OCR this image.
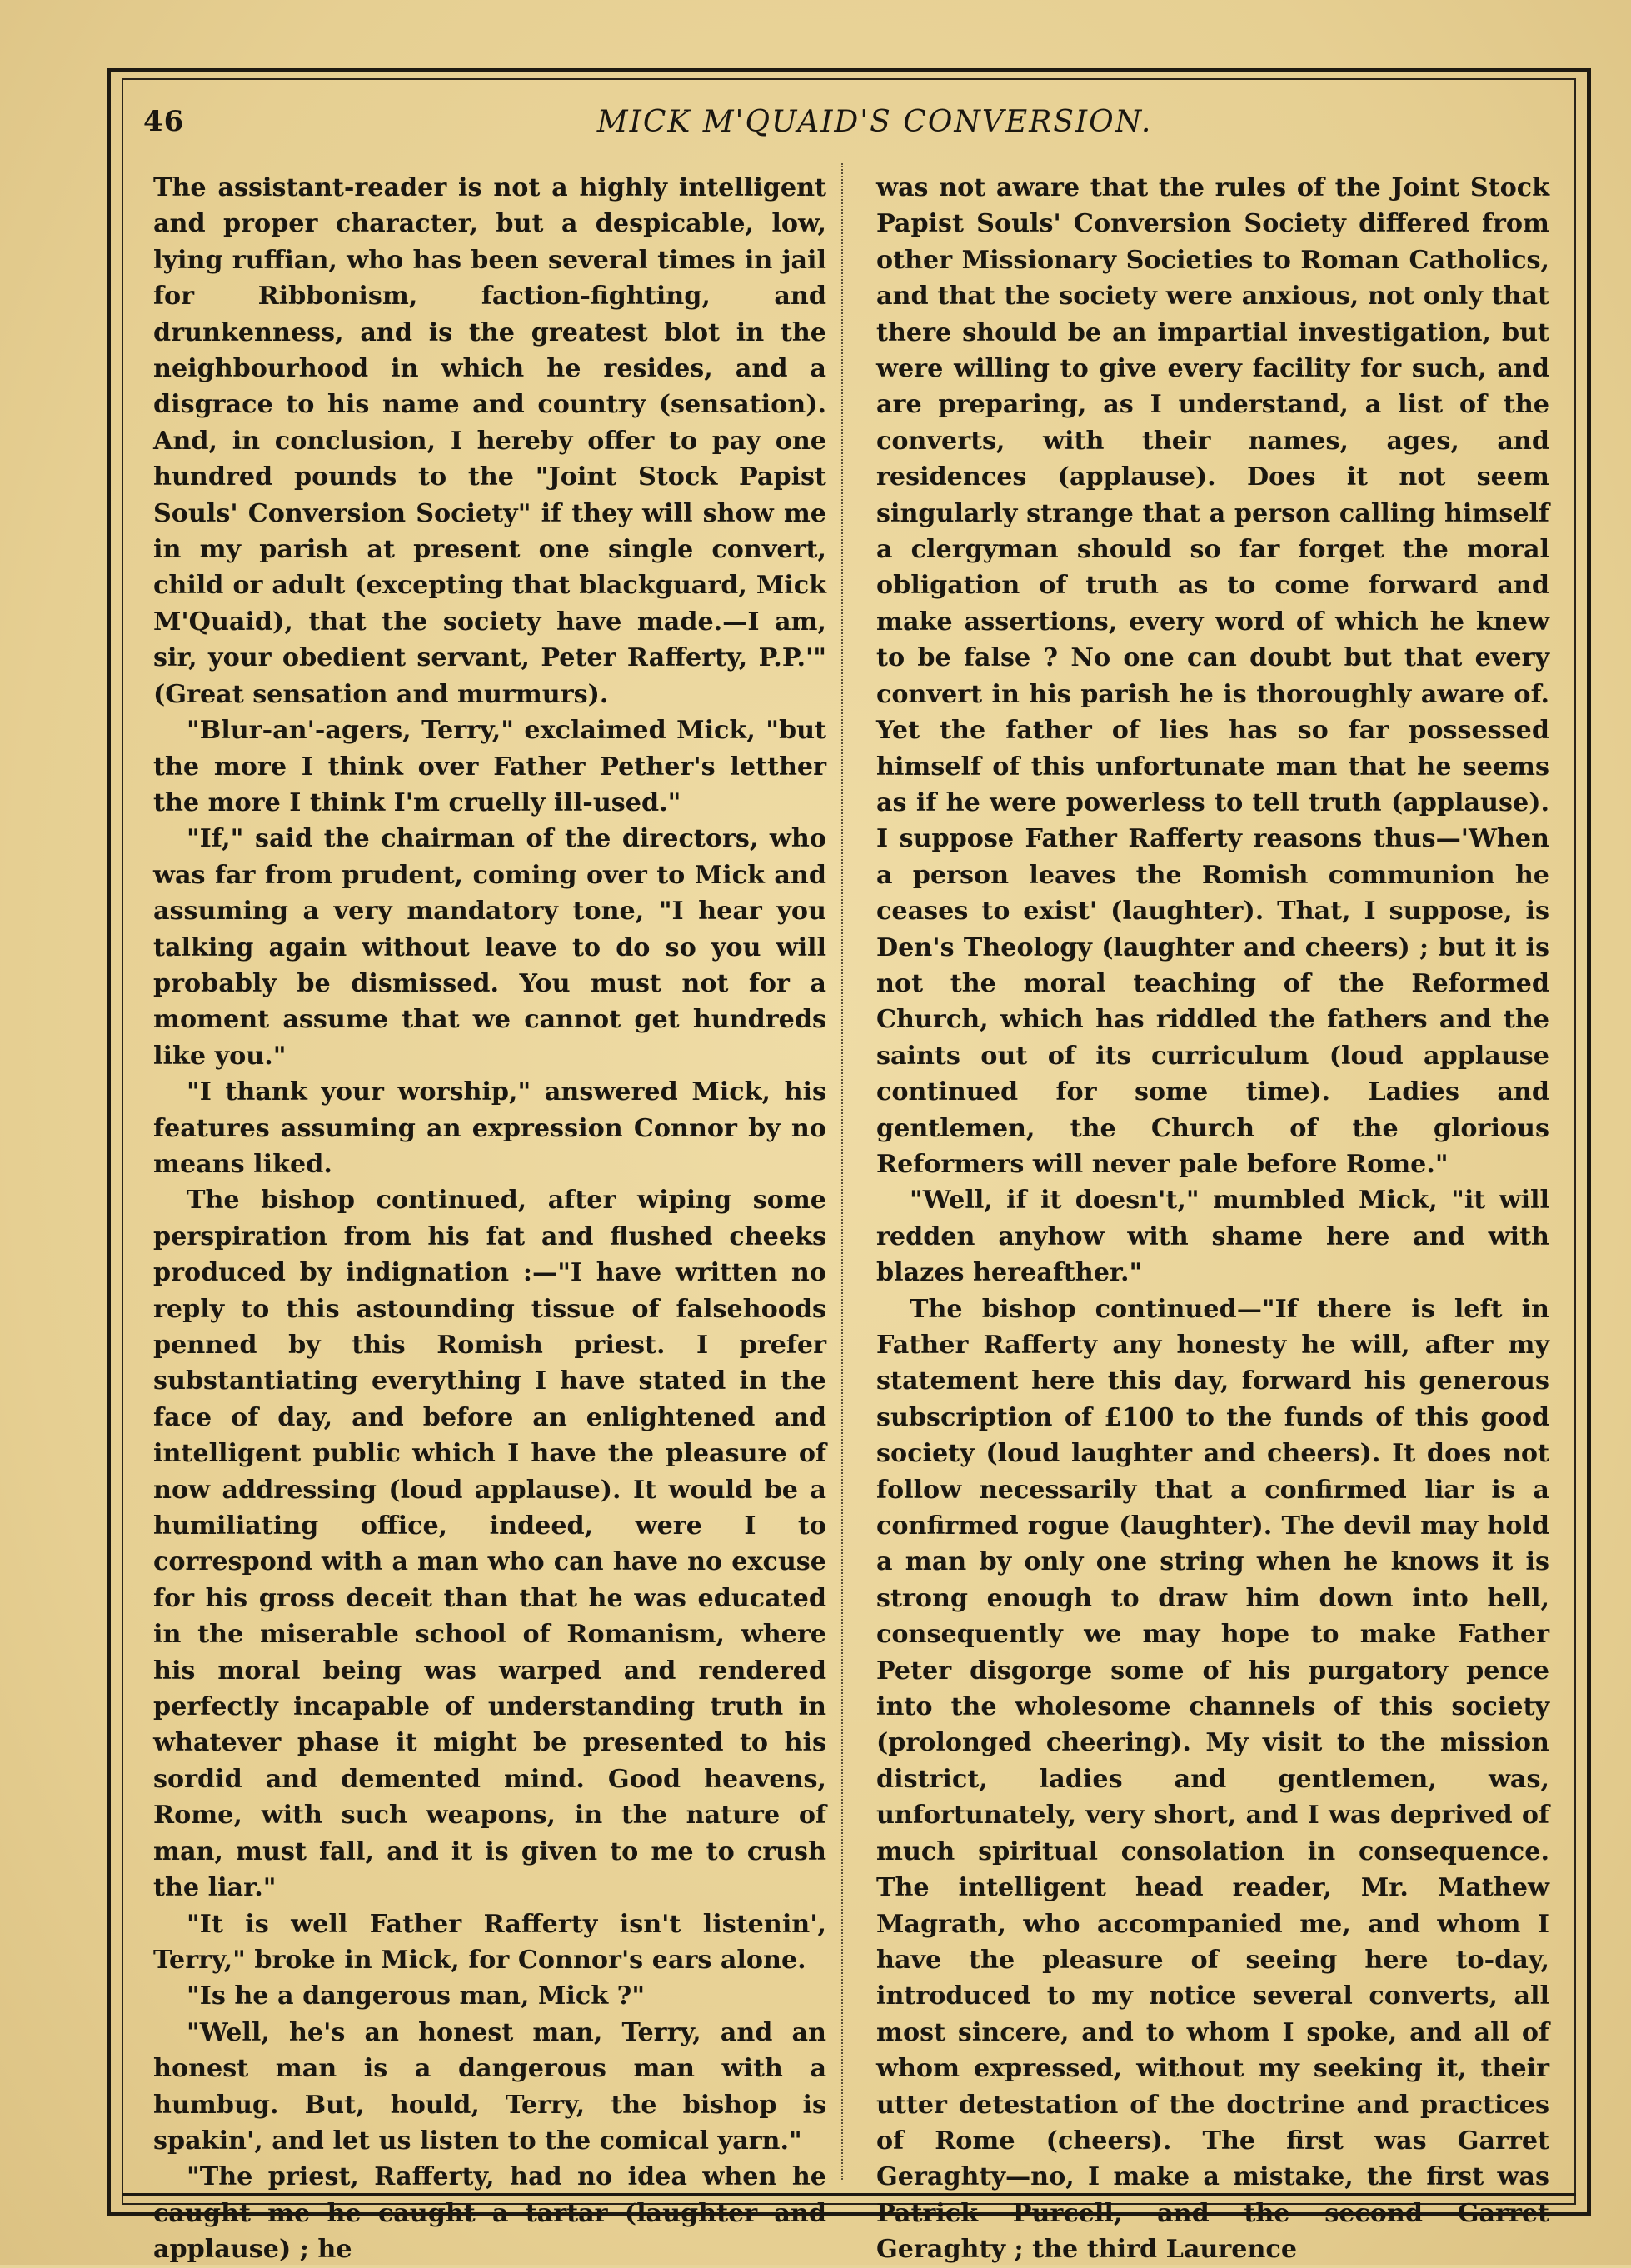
46	MICK M'QUAID'S CONVERSION.

The assistant-reader is not a highly intelligent and proper character, but a despicable, low, lying ruffian, who has been several times in jail for Ribbonism, faction-fighting, and drunkenness, and is the greatest blot in the neighbourhood in which he resides, and a disgrace to his name and country (sensation). And, in conclusion, I hereby offer to pay one hundred pounds to the "Joint Stock Papist Souls' Conversion Society" if they will show me in my parish at present one single convert, child or adult (excepting that blackguard, Mick M'Quaid), that the society have made.—I am, sir, your obedient servant, Peter Rafferty, P.P.'" (Great sensation and murmurs).

"Blur-an'-agers, Terry," exclaimed Mick, "but the more I think over Father Pether's letther the more I think I'm cruelly ill-used."

"If," said the chairman of the directors, who was far from prudent, coming over to Mick and assuming a very mandatory tone, "I hear you talking again without leave to do so you will probably be dismissed. You must not for a moment assume that we cannot get hundreds like you."

"I thank your worship," answered Mick, his features assuming an expression Connor by no means liked.

The bishop continued, after wiping some perspiration from his fat and flushed cheeks produced by indignation :—"I have written no reply to this astounding tissue of falsehoods penned by this Romish priest. I prefer substantiating everything I have stated in the face of day, and before an enlightened and intelligent public which I have the pleasure of now addressing (loud applause). It would be a humiliating office, indeed, were I to correspond with a man who can have no excuse for his gross deceit than that he was educated in the miserable school of Romanism, where his moral being was warped and rendered perfectly incapable of understanding truth in whatever phase it might be presented to his sordid and demented mind. Good heavens, Rome, with such weapons, in the nature of man, must fall, and it is given to me to crush the liar."

"It is well Father Rafferty isn't listenin', Terry," broke in Mick, for Connor's ears alone.

"Is he a dangerous man, Mick ?"

"Well, he's an honest man, Terry, and an honest man is a dangerous man with a humbug. But, hould, Terry, the bishop is spakin', and let us listen to the comical yarn."

"The priest, Rafferty, had no idea when he caught me he caught a tartar (laughter and applause) ; he

was not aware that the rules of the Joint Stock Papist Souls' Conversion Society differed from other Missionary Societies to Roman Catholics, and that the society were anxious, not only that there should be an impartial investigation, but were willing to give every facility for such, and are preparing, as I understand, a list of the converts, with their names, ages, and residences (applause). Does it not seem singularly strange that a person calling himself a clergyman should so far forget the moral obligation of truth as to come forward and make assertions, every word of which he knew to be false ? No one can doubt but that every convert in his parish he is thoroughly aware of. Yet the father of lies has so far possessed himself of this unfortunate man that he seems as if he were powerless to tell truth (applause). I suppose Father Rafferty reasons thus—'When a person leaves the Romish communion he ceases to exist' (laughter). That, I suppose, is Den's Theology (laughter and cheers) ; but it is not the moral teaching of the Reformed Church, which has riddled the fathers and the saints out of its curriculum (loud applause continued for some time). Ladies and gentlemen, the Church of the glorious Reformers will never pale before Rome."

"Well, if it doesn't," mumbled Mick, "it will redden anyhow with shame here and with blazes hereafther."

The bishop continued—"If there is left in Father Rafferty any honesty he will, after my statement here this day, forward his generous subscription of £100 to the funds of this good society (loud laughter and cheers). It does not follow necessarily that a confirmed liar is a confirmed rogue (laughter). The devil may hold a man by only one string when he knows it is strong enough to draw him down into hell, consequently we may hope to make Father Peter disgorge some of his purgatory pence into the wholesome channels of this society (prolonged cheering). My visit to the mission district, ladies and gentlemen, was, unfortunately, very short, and I was deprived of much spiritual consolation in consequence. The intelligent head reader, Mr. Mathew Magrath, who accompanied me, and whom I have the pleasure of seeing here to-day, introduced to my notice several converts, all most sincere, and to whom I spoke, and all of whom expressed, without my seeking it, their utter detestation of the doctrine and practices of Rome (cheers). The first was Garret Geraghty—no, I make a mistake, the first was Patrick Purcell, and the second Garret Geraghty ; the third Laurence
